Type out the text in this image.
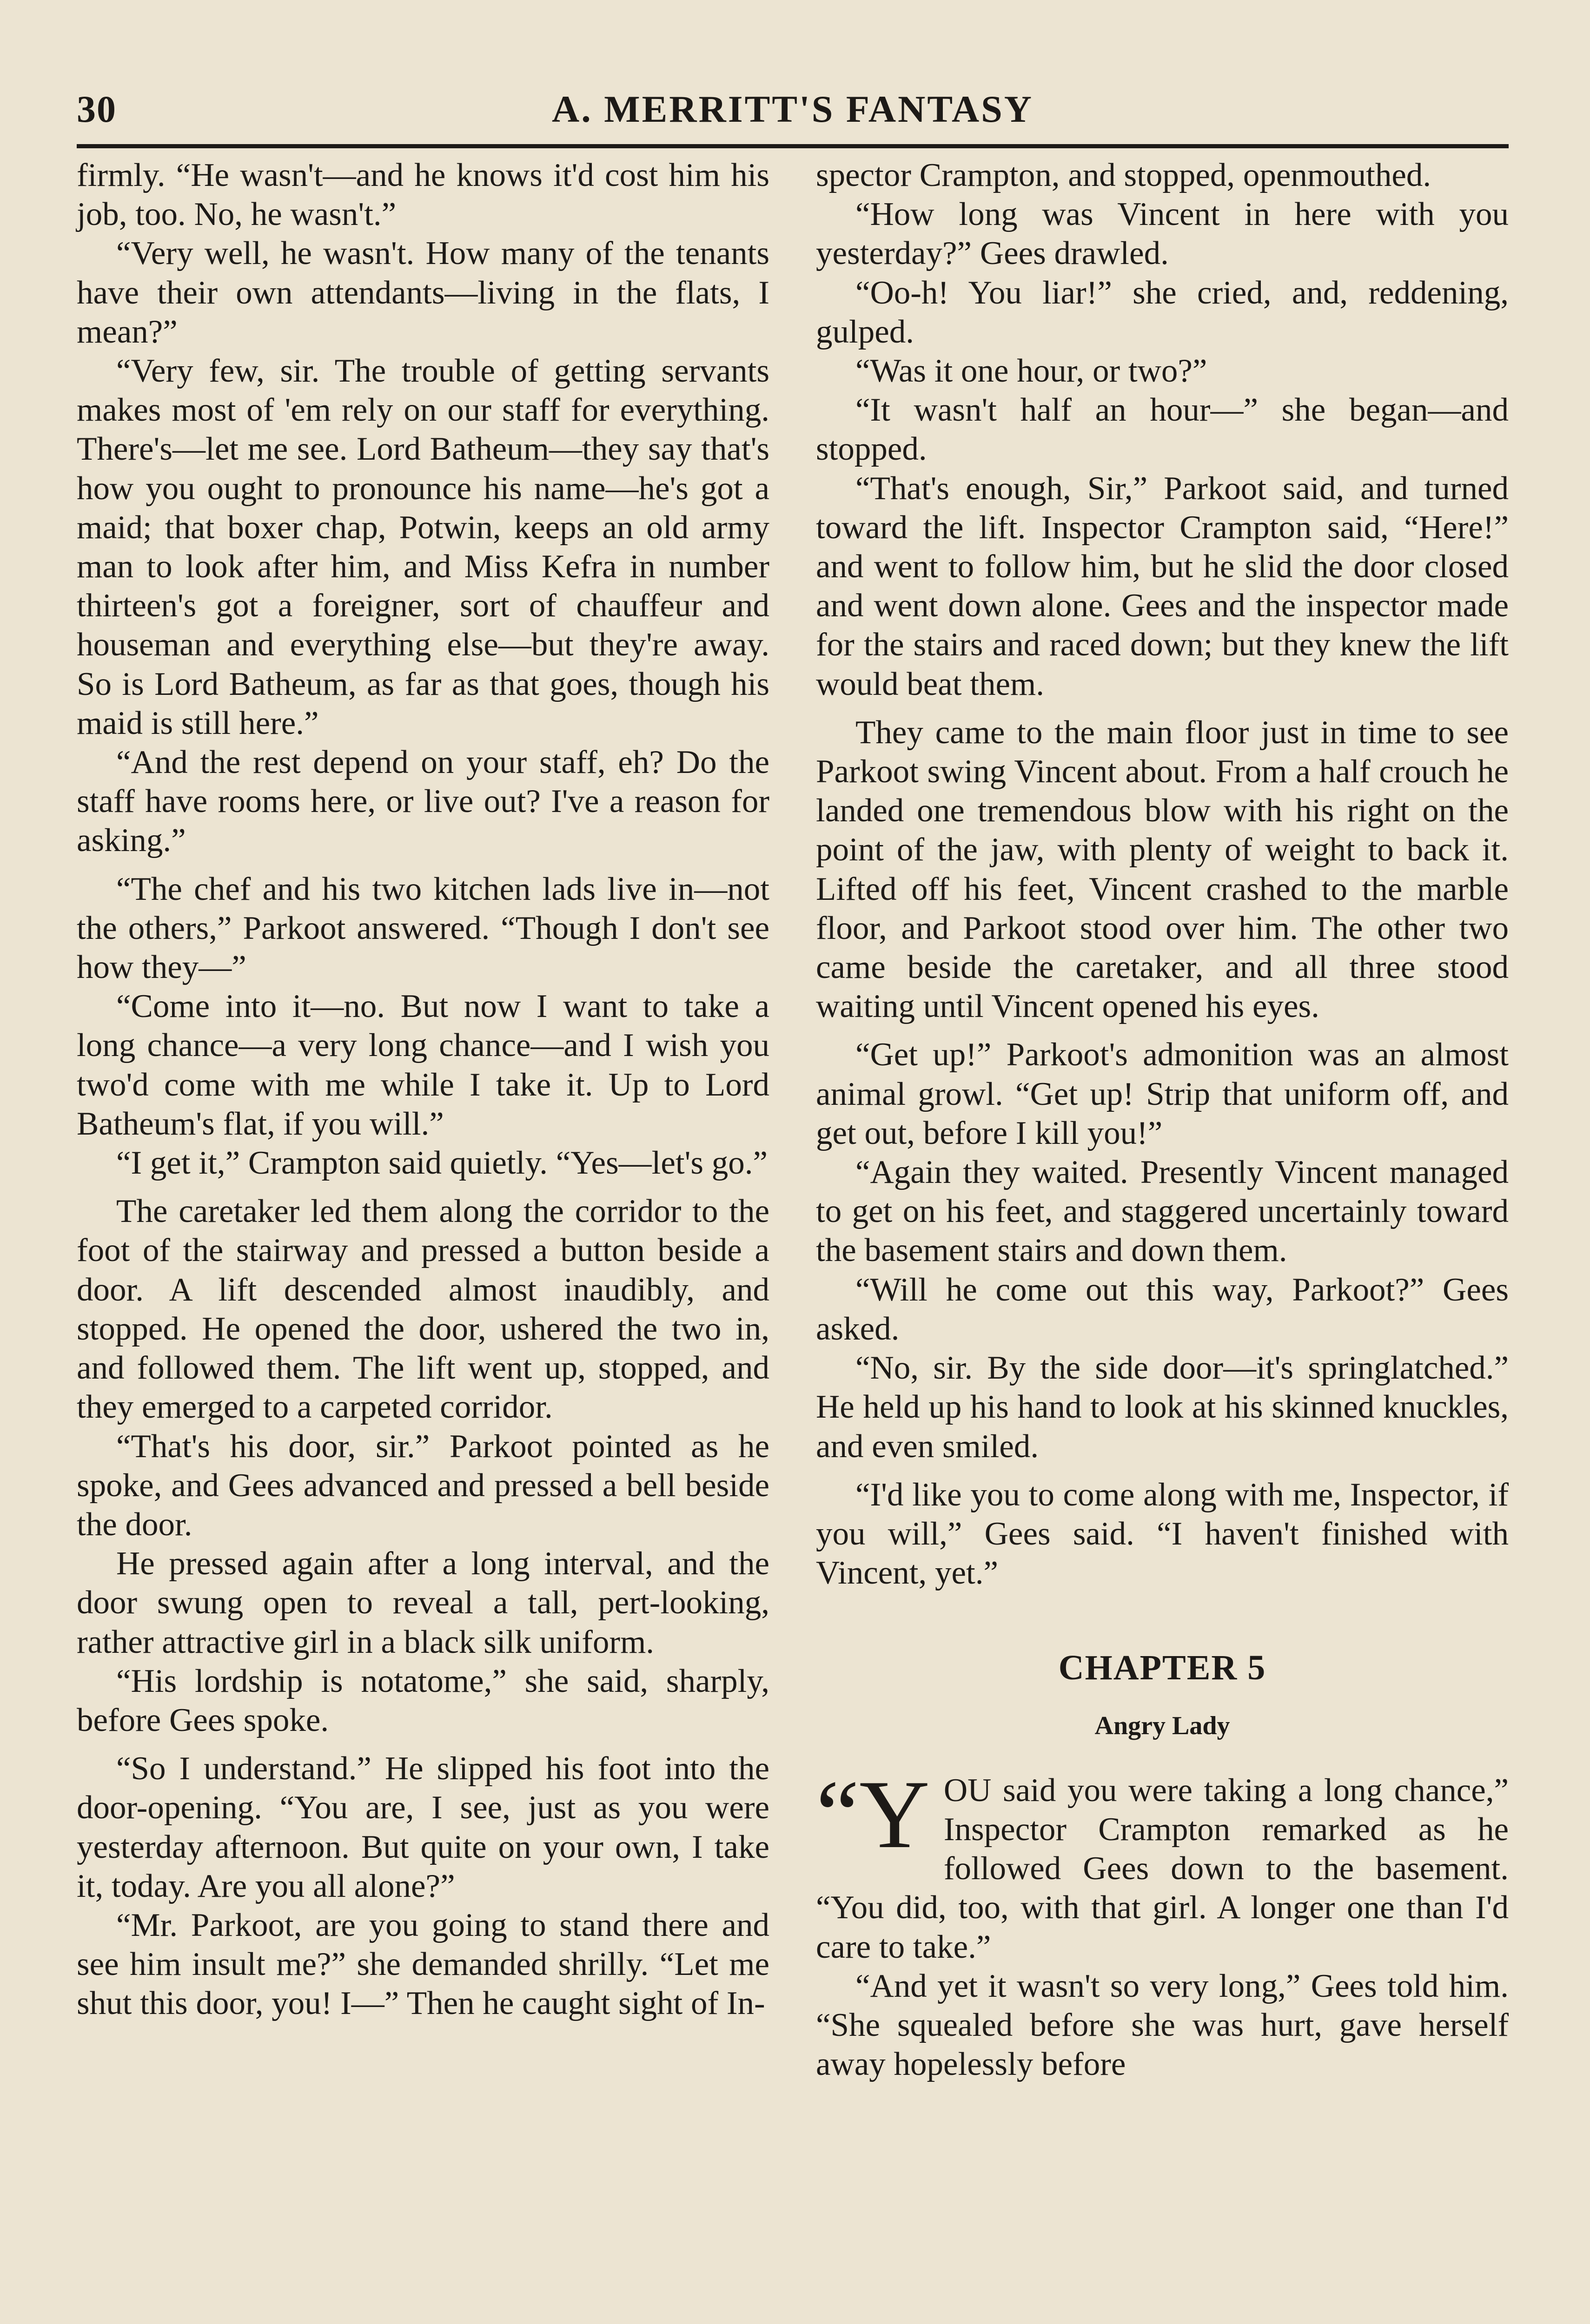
30	A. MERRITT'S FANTASY

firmly. “He wasn't—and he knows it'd cost him his job, too. No, he wasn't.”

“Very well, he wasn't. How many of the tenants have their own attendants—living in the flats, I mean?”

“Very few, sir. The trouble of getting servants makes most of 'em rely on our staff for everything. There's—let me see. Lord Batheum—they say that's how you ought to pronounce his name—he's got a maid; that boxer chap, Potwin, keeps an old army man to look after him, and Miss Kefra in number thirteen's got a foreigner, sort of chauffeur and houseman and everything else—but they're away. So is Lord Batheum, as far as that goes, though his maid is still here.”

“And the rest depend on your staff, eh? Do the staff have rooms here, or live out? I've a reason for asking.”

“The chef and his two kitchen lads live in—not the others,” Parkoot answered. “Though I don't see how they—”

“Come into it—no. But now I want to take a long chance—a very long chance—and I wish you two'd come with me while I take it. Up to Lord Batheum's flat, if you will.”

“I get it,” Crampton said quietly. “Yes—let's go.”

The caretaker led them along the corridor to the foot of the stairway and pressed a button beside a door. A lift descended almost inaudibly, and stopped. He opened the door, ushered the two in, and followed them. The lift went up, stopped, and they emerged to a carpeted corridor.

“That's his door, sir.” Parkoot pointed as he spoke, and Gees advanced and pressed a bell beside the door.

He pressed again after a long interval, and the door swung open to reveal a tall, pert-looking, rather attractive girl in a black silk uniform.

“His lordship is notatome,” she said, sharply, before Gees spoke.

“So I understand.” He slipped his foot into the door-opening. “You are, I see, just as you were yesterday afternoon. But quite on your own, I take it, today. Are you all alone?”

“Mr. Parkoot, are you going to stand there and see him insult me?” she demanded shrilly. “Let me shut this door, you! I—” Then he caught sight of In-

spector Crampton, and stopped, openmouthed.

“How long was Vincent in here with you yesterday?” Gees drawled.

“Oo-h! You liar!” she cried, and, reddening, gulped.

“Was it one hour, or two?”

“It wasn't half an hour—” she began—and stopped.

“That's enough, Sir,” Parkoot said, and turned toward the lift. Inspector Crampton said, “Here!” and went to follow him, but he slid the door closed and went down alone. Gees and the inspector made for the stairs and raced down; but they knew the lift would beat them.

They came to the main floor just in time to see Parkoot swing Vincent about. From a half crouch he landed one tremendous blow with his right on the point of the jaw, with plenty of weight to back it. Lifted off his feet, Vincent crashed to the marble floor, and Parkoot stood over him. The other two came beside the caretaker, and all three stood waiting until Vincent opened his eyes.

“Get up!” Parkoot's admonition was an almost animal growl. “Get up! Strip that uniform off, and get out, before I kill you!”

“Again they waited. Presently Vincent managed to get on his feet, and staggered uncertainly toward the basement stairs and down them.

“Will he come out this way, Parkoot?” Gees asked.

“No, sir. By the side door—it's springlatched.” He held up his hand to look at his skinned knuckles, and even smiled.

“I'd like you to come along with me, Inspector, if you will,” Gees said. “I haven't finished with Vincent, yet.”

CHAPTER 5
Angry Lady

“YOU said you were taking a long chance,” Inspector Crampton remarked as he followed Gees down to the basement. “You did, too, with that girl. A longer one than I'd care to take.”

“And yet it wasn't so very long,” Gees told him. “She squealed before she was hurt, gave herself away hopelessly before
